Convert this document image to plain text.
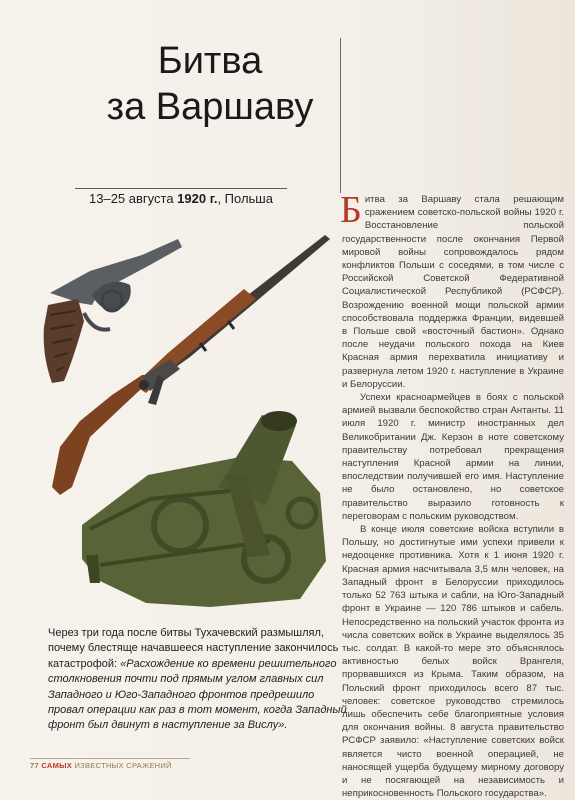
Битва
за Варшаву
13–25 августа 1920 г., Польша	Битва за Варшаву стала решающим сражением советско-польской войны 1920 г. Восстановление польской государственности после окончания Первой мировой войны сопровождалось рядом конфликтов Польши с соседями, в том числе с Российской Советской Федеративной Социалистической Республикой (РСФСР). Возрождению военной мощи польской армии способствовала поддержка Франции, видевшей в Польше свой «восточный бастион». Однако после неудачи польского похода на Киев Красная армия перехватила инициативу и развернула летом 1920 г. наступление в Украине и Белоруссии.

Успехи красноармейцев в боях с польской армией вызвали беспокойство стран Антанты. 11 июля 1920 г. министр иностранных дел Великобритании Дж. Керзон в ноте советскому правительству потребовал прекращения наступления Красной армии на линии, впоследствии получившей его имя. Наступление не было остановлено, но советское правительство выразило готовность к переговорам с польским руководством.

В конце июля советские войска вступили в Польшу, но достигнутые ими успехи привели к недооценке противника. Хотя к 1 июня 1920 г. Красная армия насчитывала 3,5 млн человек, на Западный фронт в Белоруссии приходилось только 52 763 штыка и сабли, на Юго-Западный фронт в Украине — 120 786 штыков и сабель. Непосредственно на польский участок фронта из числа советских войск в Украине выделялось 35 тыс. солдат. В какой-то мере это объяснялось активностью белых войск Врангеля, прорвавшихся из Крыма. Таким образом, на Польский фронт приходилось всего 87 тыс. человек: советское руководство стремилось лишь обеспечить себе благоприятные условия для окончания войны. 8 августа правительство РСФСР заявило: «Наступление советских войск является чисто военной операцией, не наносящей ущерба будущему мирному договору и не посягающей на независимость и неприкосновенность Польского государства».

Через три года после битвы Тухачевский размышлял, почему блестяще начавшееся наступление закончилось катастрофой: «Расхождение ко времени решительного столкновения почти под прямым углом главных сил Западного и Юго-Западного фронтов предрешило провал операции как раз в тот момент, когда Западный фронт был двинут в наступление за Вислу».
77 САМЫХ ИЗВЕСТНЫХ СРАЖЕНИЙ
